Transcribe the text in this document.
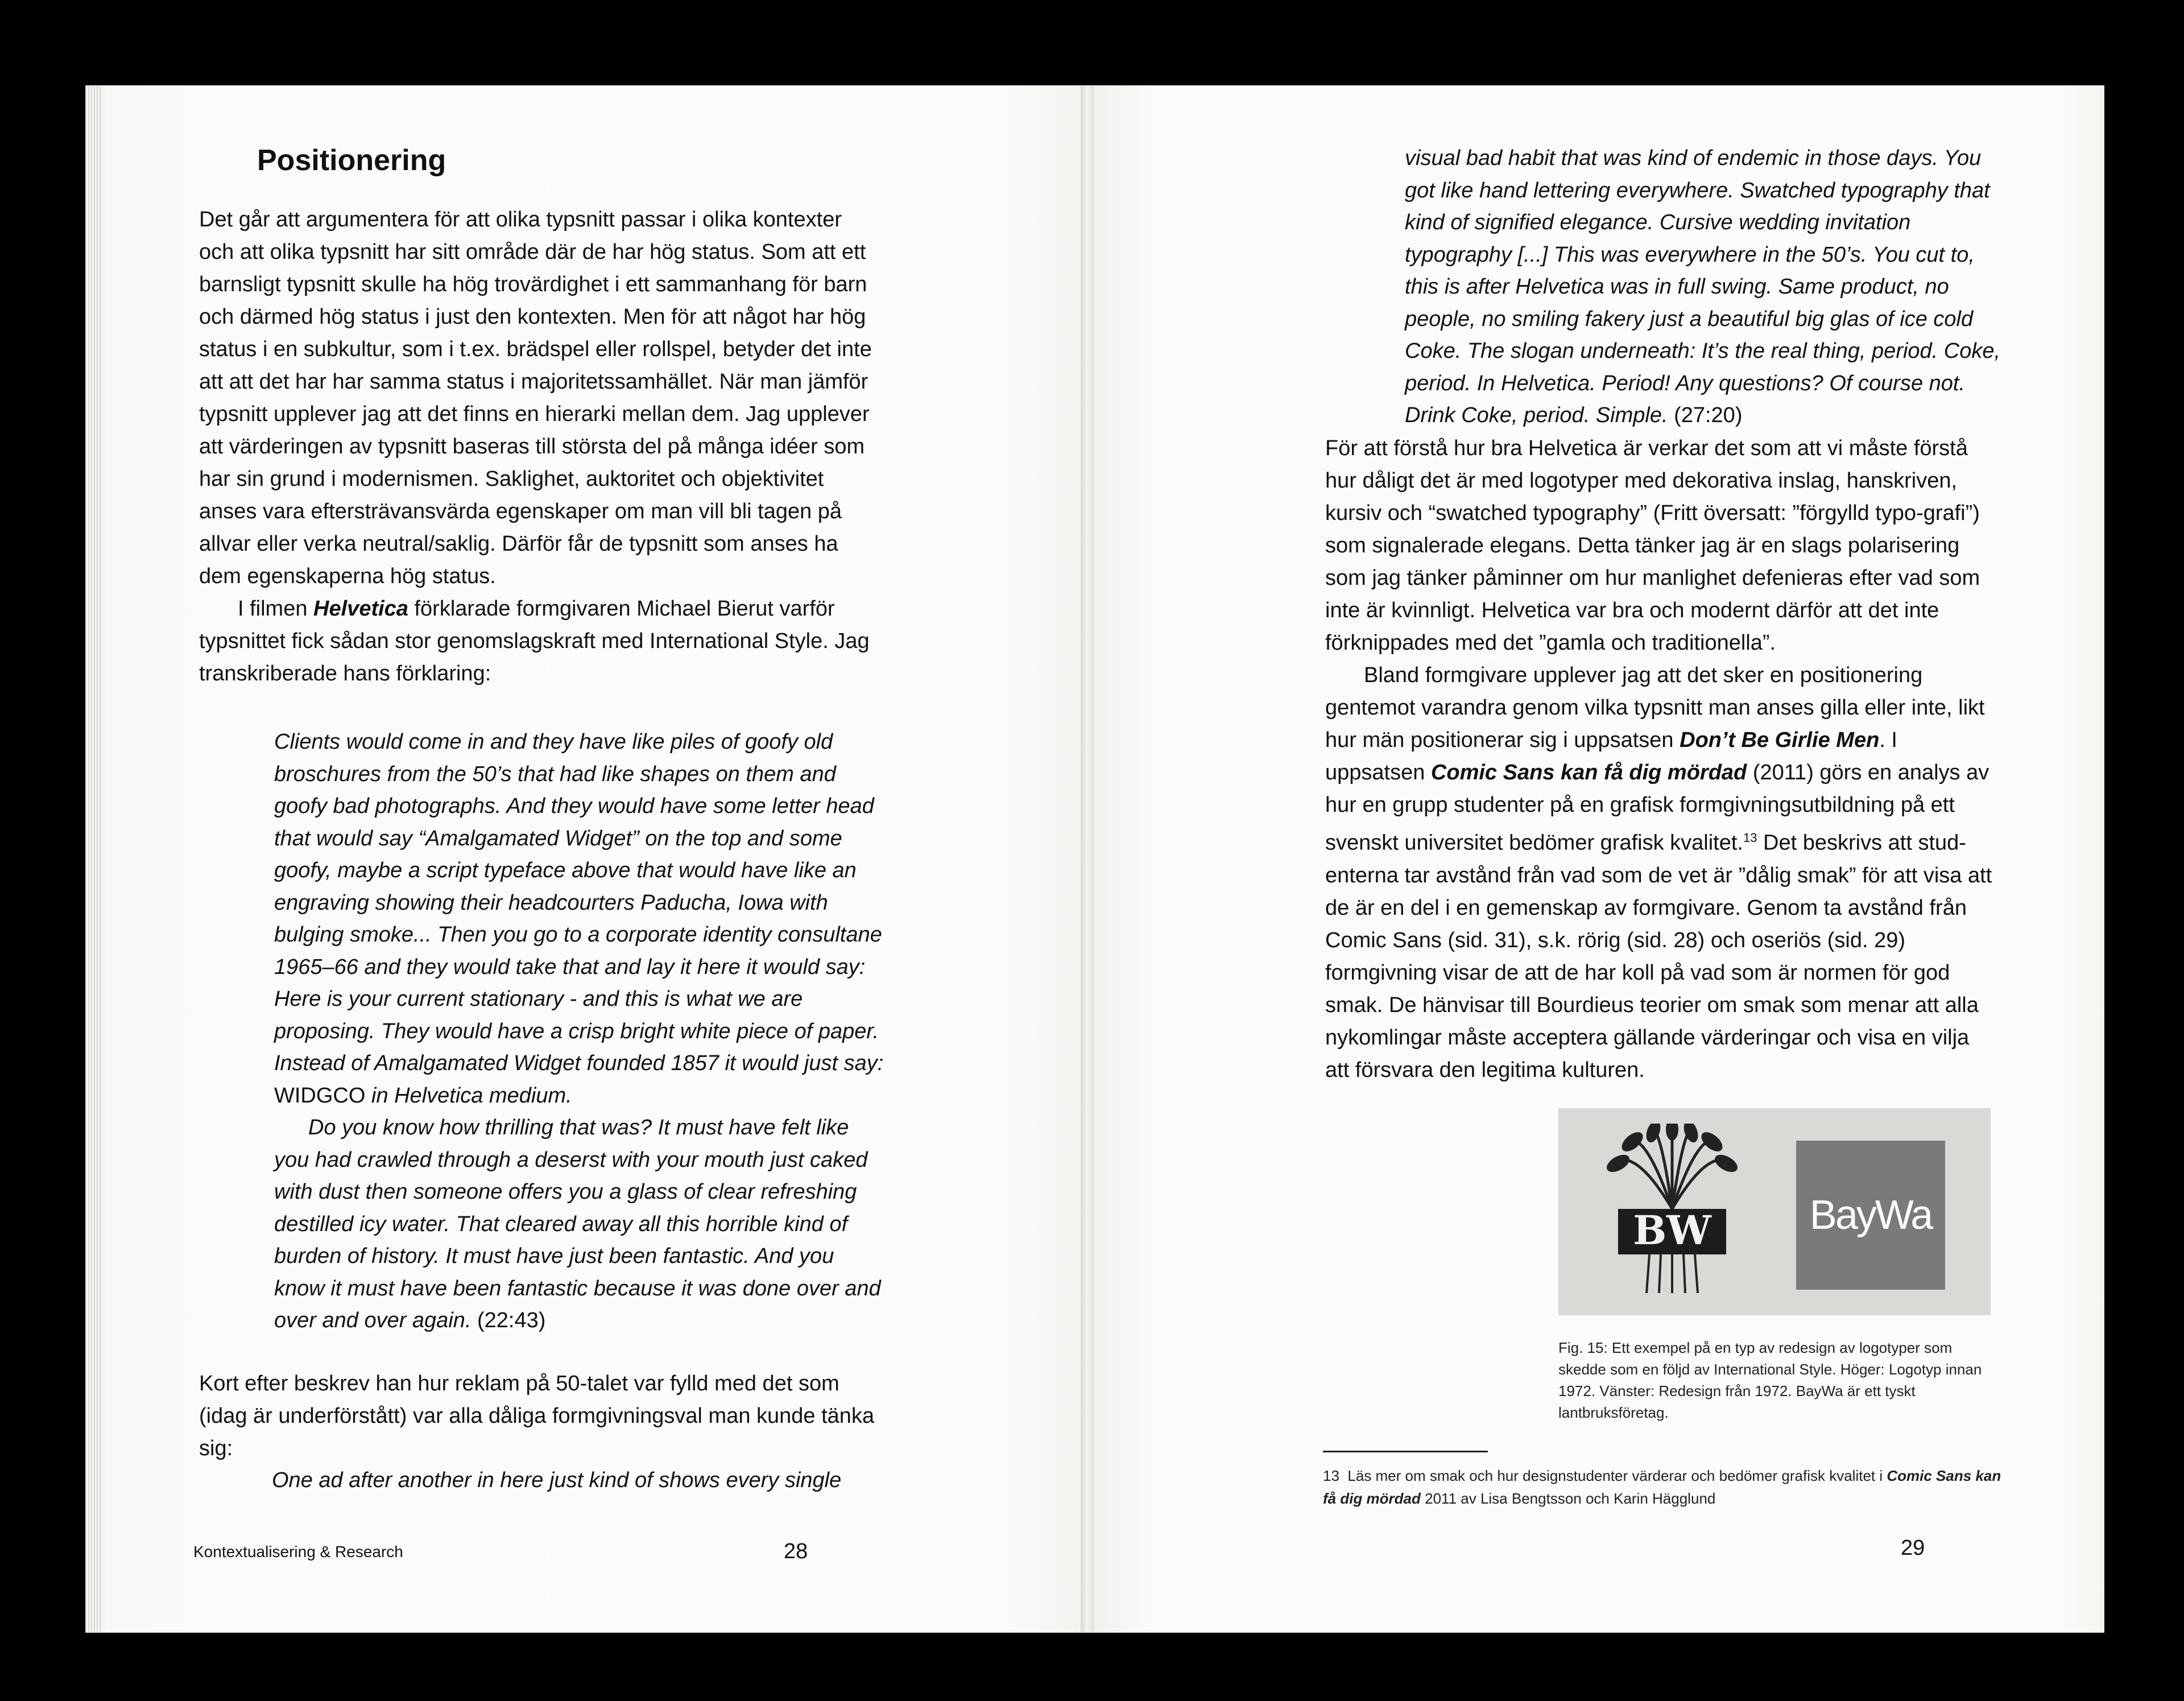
Positionering

Det går att argumentera för att olika typsnitt passar i olika kontexter och att olika typsnitt har sitt område där de har hög status. Som att ett barnsligt typsnitt skulle ha hög trovärdighet i ett sammanhang för barn och därmed hög status i just den kontexten. Men för att något har hög status i en subkultur, som i t.ex. brädspel eller rollspel, betyder det inte att att det har har samma status i majoritetssamhället. När man jämför typsnitt upplever jag att det finns en hierarki mellan dem. Jag upplever att värderingen av typsnitt baseras till största del på många idéer som har sin grund i modernismen. Saklighet, auktoritet och objektivitet anses vara eftersträvansvärda egenskaper om man vill bli tagen på allvar eller verka neutral/saklig. Därför får de typsnitt som anses ha dem egenskaperna hög status.

I filmen Helvetica förklarade formgivaren Michael Bierut varför typsnittet fick sådan stor genomslagskraft med International Style. Jag transkriberade hans förklaring:

Clients would come in and they have like piles of goofy old broschures from the 50’s that had like shapes on them and goofy bad photographs. And they would have some letter head that would say “Amalgamated Widget” on the top and some goofy, maybe a script typeface above that would have like an engraving showing their headcourters Paducha, Iowa with bulging smoke... Then you go to a corporate identity consultane 1965–66 and they would take that and lay it here it would say: Here is your current stationary - and this is what we are proposing. They would have a crisp bright white piece of paper. Instead of Amalgamated Widget founded 1857 it would just say: WIDGCO in Helvetica medium.

Do you know how thrilling that was? It must have felt like you had crawled through a deserst with your mouth just caked with dust then someone offers you a glass of clear refreshing destilled icy water. That cleared away all this horrible kind of burden of history. It must have just been fantastic. And you know it must have been fantastic because it was done over and over and over again. (22:43)

Kort efter beskrev han hur reklam på 50-talet var fylld med det som (idag är underförstått) var alla dåliga formgivningsval man kunde tänka sig:
One ad after another in here just kind of shows every single
Kontextualisering & Research	28

visual bad habit that was kind of endemic in those days. You got like hand lettering everywhere. Swatched typography that kind of signified elegance. Cursive wedding invitation typography [...] This was everywhere in the 50’s. You cut to, this is after Helvetica was in full swing. Same product, no people, no smiling fakery just a beautiful big glas of ice cold Coke. The slogan underneath: It’s the real thing, period. Coke, period. In Helvetica. Period! Any questions? Of course not. Drink Coke, period. Simple. (27:20)

För att förstå hur bra Helvetica är verkar det som att vi måste förstå hur dåligt det är med logotyper med dekorativa inslag, hanskriven, kursiv och “swatched typography” (Fritt översatt: ”förgylld typo-grafi”) som signalerade elegans. Detta tänker jag är en slags polarisering som jag tänker påminner om hur manlighet defenieras efter vad som inte är kvinnligt. Helvetica var bra och modernt därför att det inte förknippades med det ”gamla och traditionella”.

Bland formgivare upplever jag att det sker en positionering gentemot varandra genom vilka typsnitt man anses gilla eller inte, likt hur män positionerar sig i uppsatsen Don’t Be Girlie Men. I uppsatsen Comic Sans kan få dig mördad (2011) görs en analys av hur en grupp studenter på en grafisk formgivningsutbildning på ett svenskt universitet bedömer grafisk kvalitet.$^{13}$ Det beskrivs att stud-enterna tar avstånd från vad som de vet är ”dålig smak” för att visa att de är en del i en gemenskap av formgivare. Genom ta avstånd från Comic Sans (sid. 31), s.k. rörig (sid. 28) och oseriös (sid. 29) formgivning visar de att de har koll på vad som är normen för god smak. De hänvisar till Bourdieus teorier om smak som menar att alla nykomlingar måste acceptera gällande värderingar och visa en vilja att försvara den legitima kulturen.

BW BayWa
Fig. 15: Ett exempel på en typ av redesign av logotyper som skedde som en följd av International Style. Höger: Logotyp innan 1972. Vänster: Redesign från 1972. BayWa är ett tyskt lantbruksföretag.
13 Läs mer om smak och hur designstudenter värderar och bedömer grafisk kvalitet i Comic Sans kan få dig mördad 2011 av Lisa Bengtsson och Karin Hägglund
29
